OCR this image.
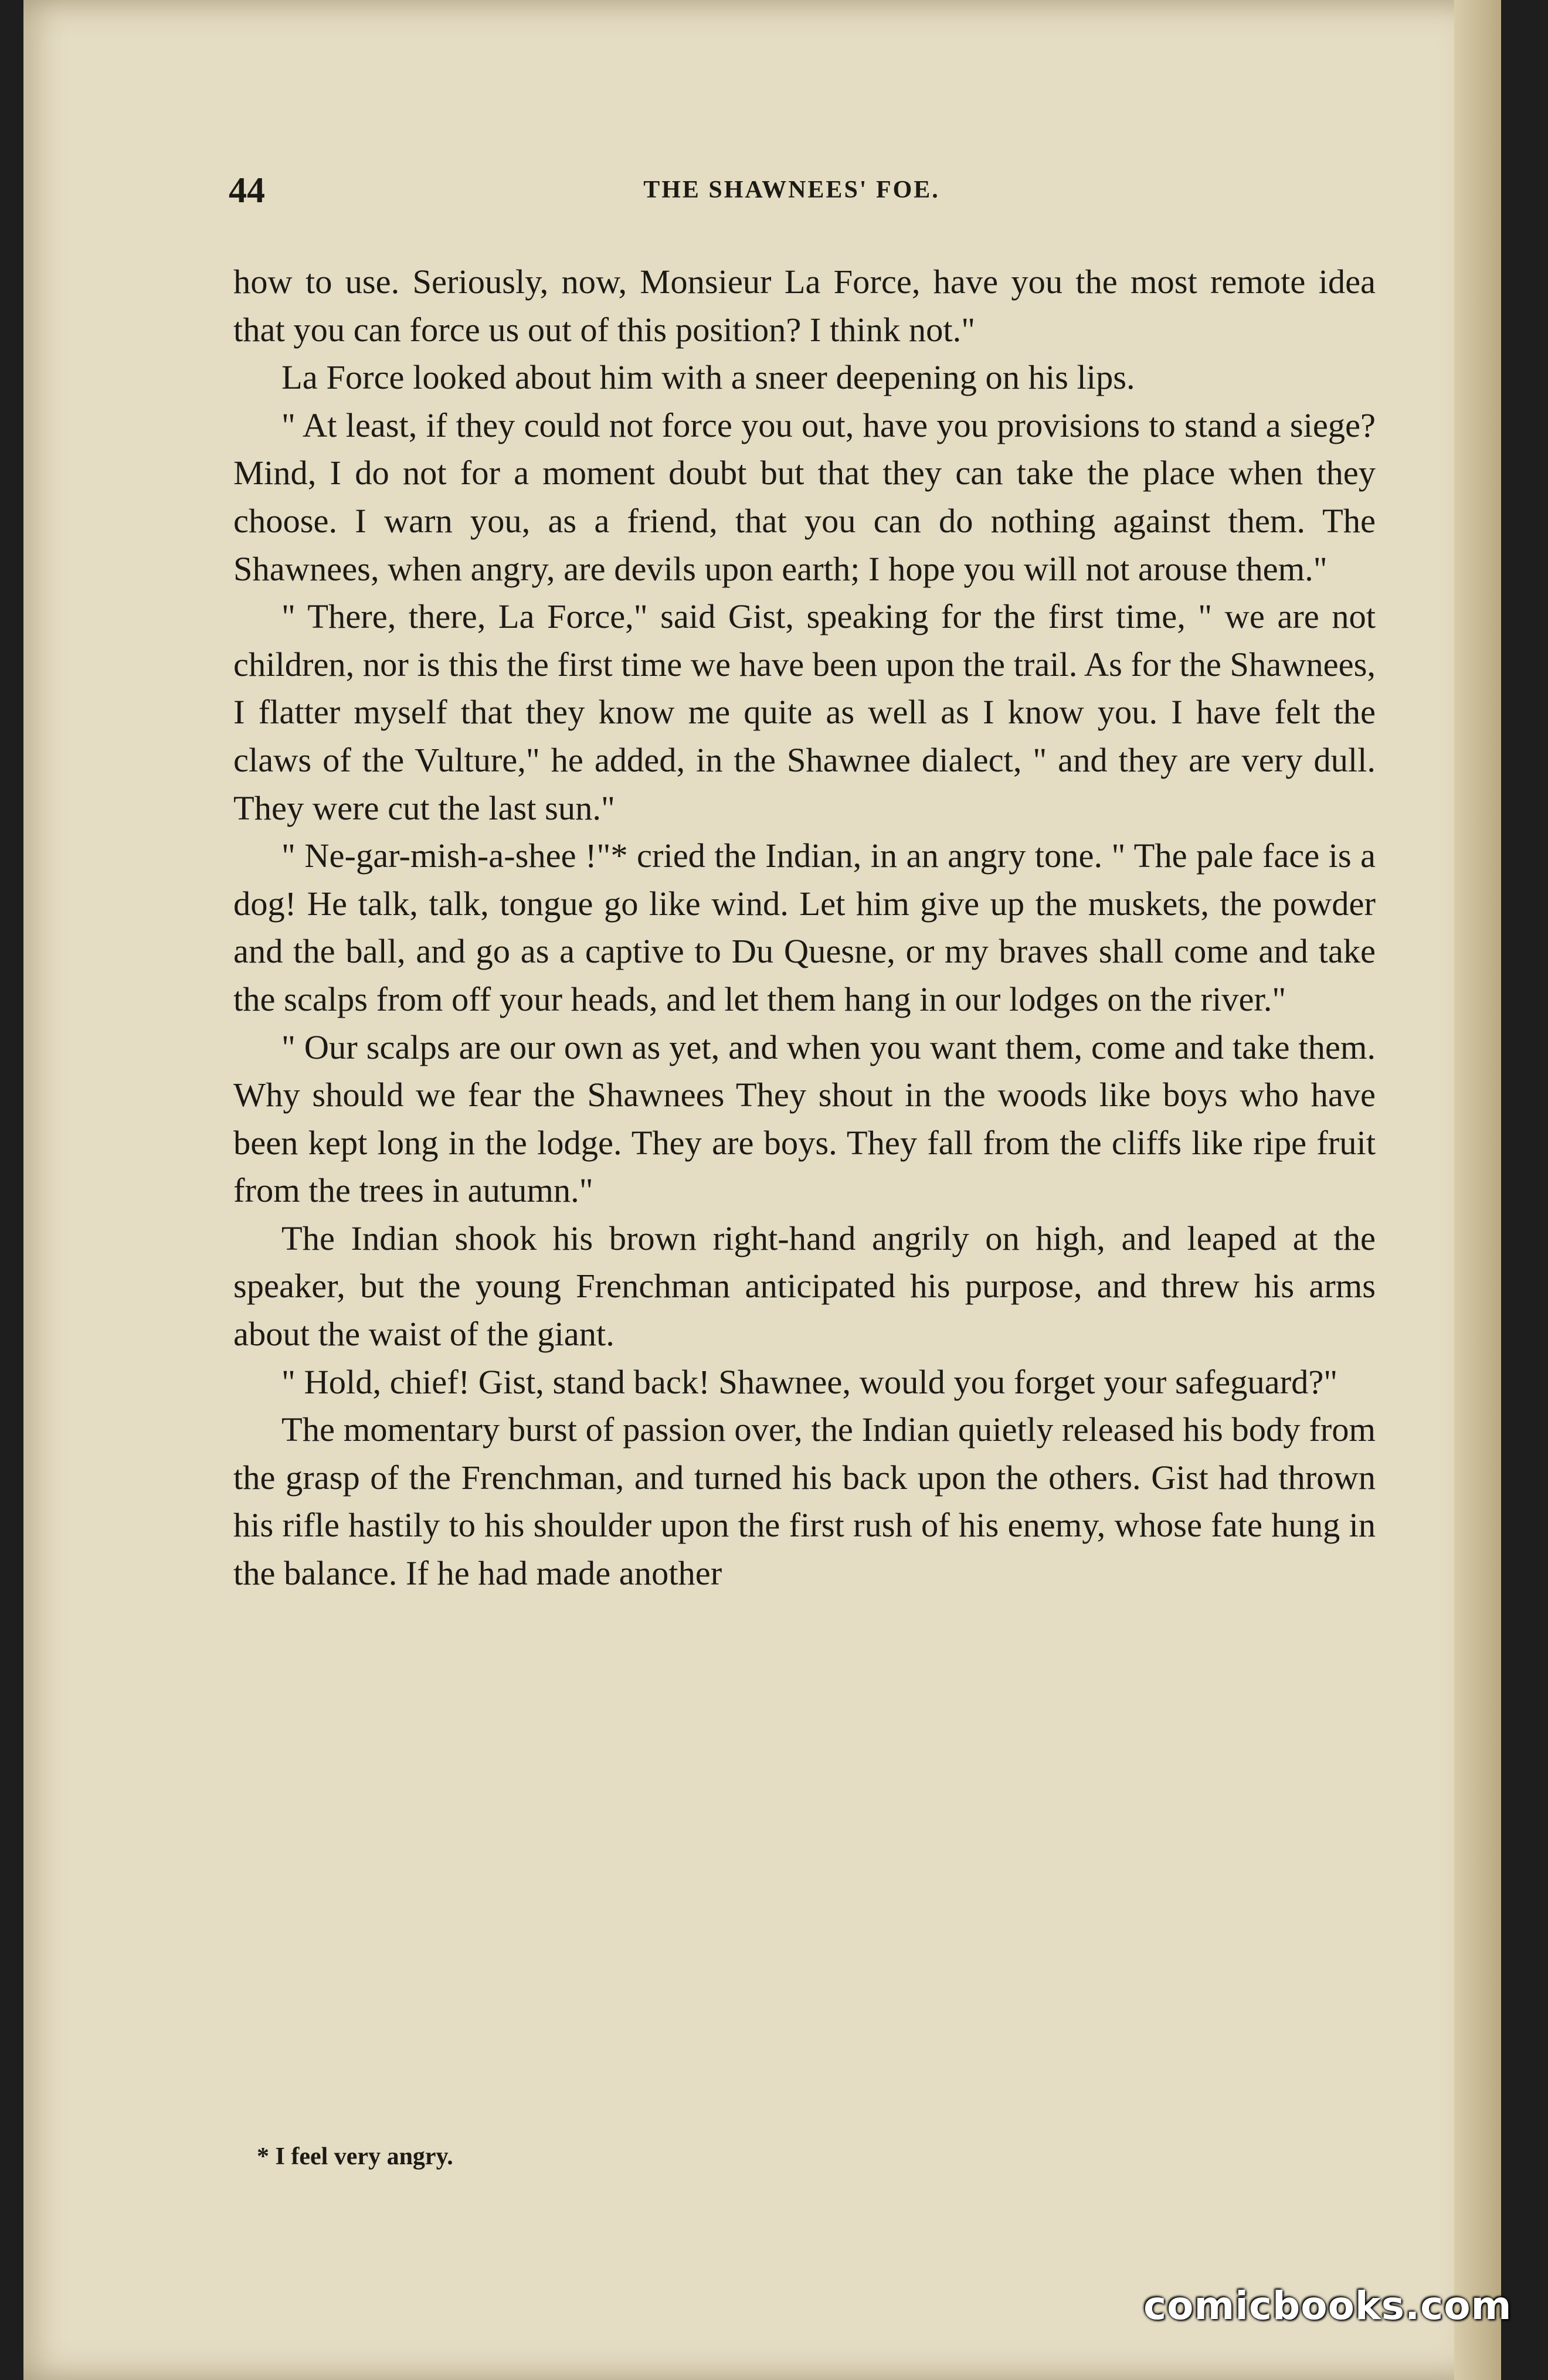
44	THE SHAWNEES' FOE.

how to use. Seriously, now, Monsieur La Force, have you the most remote idea that you can force us out of this position? I think not."

La Force looked about him with a sneer deepening on his lips.

" At least, if they could not force you out, have you provisions to stand a siege? Mind, I do not for a moment doubt but that they can take the place when they choose. I warn you, as a friend, that you can do nothing against them. The Shawnees, when angry, are devils upon earth; I hope you will not arouse them."

" There, there, La Force," said Gist, speaking for the first time, " we are not children, nor is this the first time we have been upon the trail. As for the Shawnees, I flatter myself that they know me quite as well as I know you. I have felt the claws of the Vulture," he added, in the Shawnee dialect, " and they are very dull. They were cut the last sun."

" Ne-gar-mish-a-shee !"* cried the Indian, in an angry tone. " The pale face is a dog! He talk, talk, tongue go like wind. Let him give up the muskets, the powder and the ball, and go as a captive to Du Quesne, or my braves shall come and take the scalps from off your heads, and let them hang in our lodges on the river."

" Our scalps are our own as yet, and when you want them, come and take them. Why should we fear the Shawnees They shout in the woods like boys who have been kept long in the lodge. They are boys. They fall from the cliffs like ripe fruit from the trees in autumn."

The Indian shook his brown right-hand angrily on high, and leaped at the speaker, but the young Frenchman anticipated his purpose, and threw his arms about the waist of the giant.

" Hold, chief! Gist, stand back! Shawnee, would you forget your safeguard?"

The momentary burst of passion over, the Indian quietly released his body from the grasp of the Frenchman, and turned his back upon the others. Gist had thrown his rifle hastily to his shoulder upon the first rush of his enemy, whose fate hung in the balance. If he had made another

* I feel very angry.
comicbooks.com
